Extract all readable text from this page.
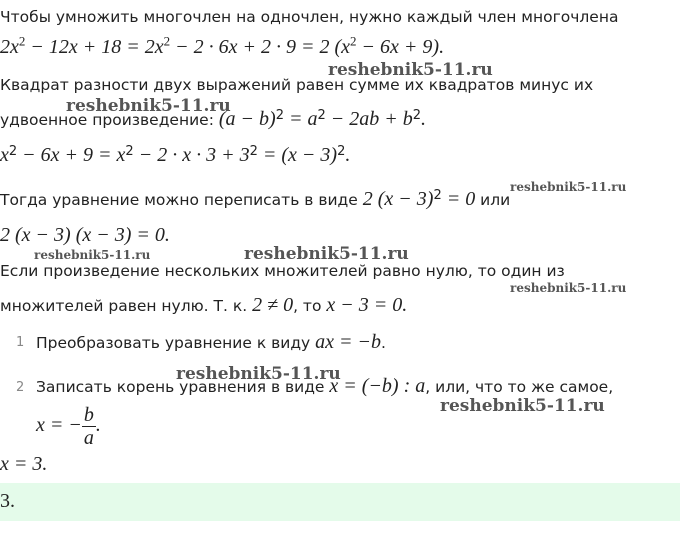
Чтобы умножить многочлен на одночлен, нужно каждый член многочлена
$2x^2 - 12x + 18 = 2x^2 - 2 \cdot 6x + 2 \cdot 9 = 2$ $(x^2 - 6x + 9)$.
Квадрат разности двух выражений равен сумме их квадратов минус их
удвоенное произведение: $(a - b)^2 = a^2 - 2ab + b^2$.
$x^2 - 6x + 9 = x^2 - 2 \cdot x \cdot 3 + 3^2 = (x - 3)^2$.
Тогда уравнение можно переписать в виде 2 $(x - 3)^2 = 0$ или
2 (x − 3) (x − 3) = 0.
Если произведение нескольких множителей равно нулю, то один из
множителей равен нулю. Т. к. 2 ≠ 0, то x − 3 = 0.
1 Преобразовать уравнение к виду ax = −b.
2 Записать корень уравнения в виде x = (−b) : a, или, что то же самое,
x = − $\frac{b}{a}$ .
x = 3.
3.
reshebnik5-11.ru
reshebnik5-11.ru
reshebnik5-11.ru
reshebnik5-11.ru
reshebnik5-11.ru
reshebnik5-11.ru
reshebnik5-11.ru
reshebnik5-11.ru
